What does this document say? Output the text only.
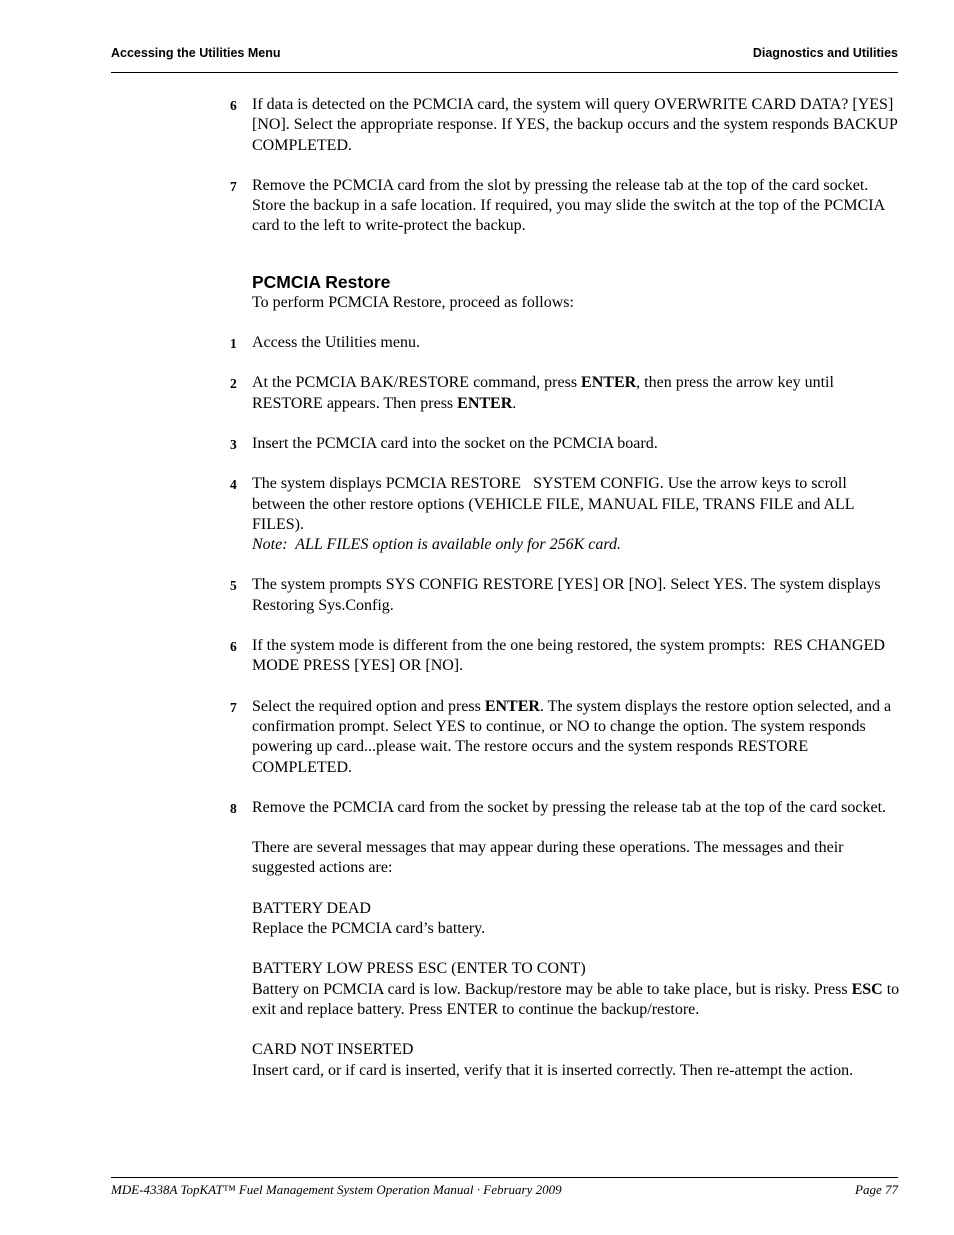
Accessing the Utilities Menu	Diagnostics and Utilities
6 If data is detected on the PCMCIA card, the system will query OVERWRITE CARD DATA? [YES] [NO]. Select the appropriate response. If YES, the backup occurs and the system responds BACKUP COMPLETED.

7 Remove the PCMCIA card from the slot by pressing the release tab at the top of the card socket. Store the backup in a safe location. If required, you may slide the switch at the top of the PCMCIA card to the left to write-protect the backup.

PCMCIA Restore

To perform PCMCIA Restore, proceed as follows:

1 Access the Utilities menu.

2 At the PCMCIA BAK/RESTORE command, press ENTER, then press the arrow key until RESTORE appears. Then press ENTER.

3 Insert the PCMCIA card into the socket on the PCMCIA board.

4 The system displays PCMCIA RESTORE   SYSTEM CONFIG. Use the arrow keys to scroll between the other restore options (VEHICLE FILE, MANUAL FILE, TRANS FILE and ALL FILES).

Note:  ALL FILES option is available only for 256K card.

5 The system prompts SYS CONFIG RESTORE [YES] OR [NO]. Select YES. The system displays Restoring Sys.Config.

6 If the system mode is different from the one being restored, the system prompts:  RES CHANGED MODE PRESS [YES] OR [NO].

7 Select the required option and press ENTER. The system displays the restore option selected, and a confirmation prompt. Select YES to continue, or NO to change the option. The system responds powering up card...please wait. The restore occurs and the system responds RESTORE COMPLETED.

8 Remove the PCMCIA card from the socket by pressing the release tab at the top of the card socket.

There are several messages that may appear during these operations. The messages and their suggested actions are:

BATTERY DEAD

Replace the PCMCIA card’s battery.

BATTERY LOW PRESS ESC (ENTER TO CONT)

Battery on PCMCIA card is low. Backup/restore may be able to take place, but is risky. Press ESC to exit and replace battery. Press ENTER to continue the backup/restore.

CARD NOT INSERTED

Insert card, or if card is inserted, verify that it is inserted correctly. Then re-attempt the action.

MDE-4338A TopKAT™ Fuel Management System Operation Manual · February 2009	Page 77
